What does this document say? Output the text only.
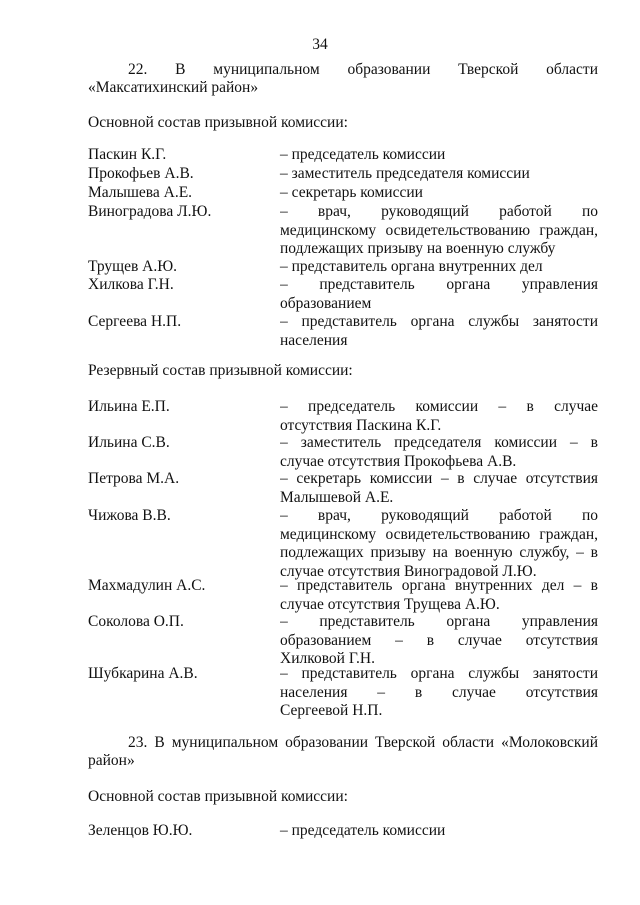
34
22. В муниципальном образовании Тверской области
«Максатихинский район»
Основной состав призывной комиссии:
Паскин К.Г.	– председатель комиссии
Прокофьев А.В.	– заместитель председателя комиссии
Малышева А.Е.	– секретарь комиссии
Виноградова Л.Ю.	– врач, руководящий работой по
медицинскому освидетельствованию граждан,
подлежащих призыву на военную службу
Трущев А.Ю.	– представитель органа внутренних дел
Хилкова Г.Н.	– представитель органа управления
образованием
Сергеева Н.П.	– представитель органа службы занятости
населения
Резервный состав призывной комиссии:
Ильина Е.П.	– председатель комиссии – в случае
отсутствия Паскина К.Г.
Ильина С.В.	– заместитель председателя комиссии – в
случае отсутствия Прокофьева А.В.
Петрова М.А.	– секретарь комиссии – в случае отсутствия
Малышевой А.Е.
Чижова В.В.	– врач, руководящий работой по
медицинскому освидетельствованию граждан,
подлежащих призыву на военную службу, – в
случае отсутствия Виноградовой Л.Ю.
Махмадулин А.С.	– представитель органа внутренних дел – в
случае отсутствия Трущева А.Ю.
Соколова О.П.	– представитель органа управления
образованием – в случае отсутствия
Хилковой Г.Н.
Шубкарина А.В.	– представитель органа службы занятости
населения – в случае отсутствия
Сергеевой Н.П.
23. В муниципальном образовании Тверской области «Молоковский
район»
Основной состав призывной комиссии:
Зеленцов Ю.Ю.	– председатель комиссии
